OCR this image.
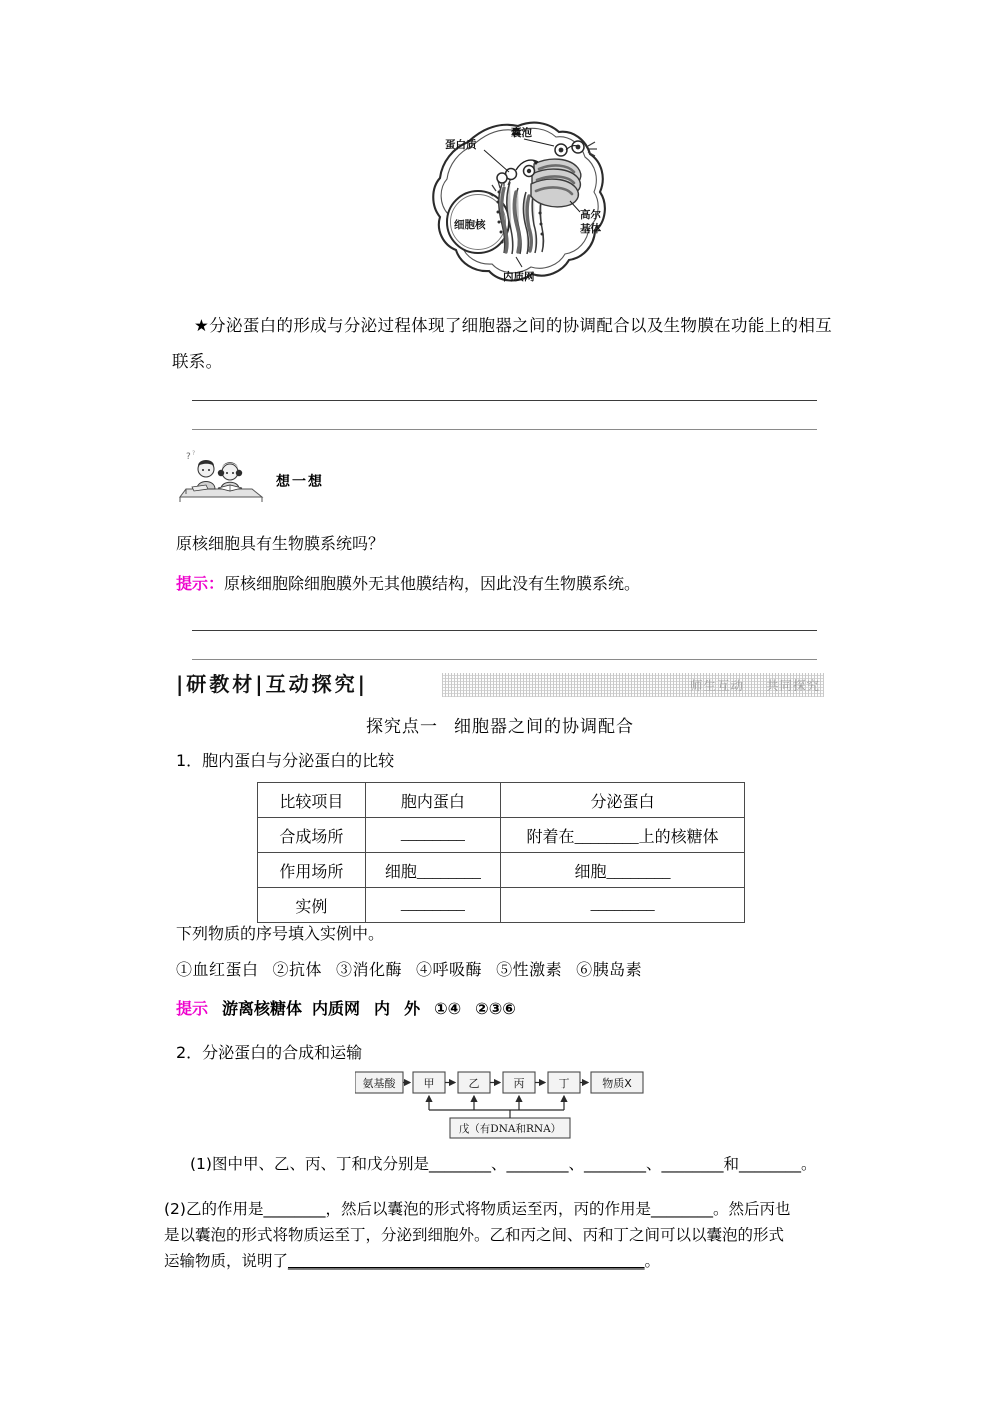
囊泡
蛋白质
高尔
基体
细胞核
内质网
★分泌蛋白的形成与分泌过程体现了细胞器之间的协调配合以及生物膜在功能上的相互联系。
? ?
想一想
原核细胞具有生物膜系统吗？
提示：原核细胞除细胞膜外无其他膜结构，因此没有生物膜系统。
|研教材|互动探究|	师生互动 共同探究
探究点一 细胞器之间的协调配合
1．胞内蛋白与分泌蛋白的比较
比较项目	胞内蛋白	分泌蛋白
合成场所	________	附着在________上的核糖体
作用场所	细胞________	细胞________
实例	________	________
下列物质的序号填入实例中。
①血红蛋白 ②抗体 ③消化酶 ④呼吸酶 ⑤性激素 ⑥胰岛素
提示 游离核糖体 内质网 内 外 ①④ ②③⑥
2．分泌蛋白的合成和运输
氨基酸	甲	乙	丙	丁	物质X
戊（有DNA和RNA）
(1)图中甲、乙、丙、丁和戊分别是________、________、________、________和________。
(2)乙的作用是________，然后以囊泡的形式将物质运至丙，丙的作用是________。然后丙也
是以囊泡的形式将物质运至丁，分泌到细胞外。乙和丙之间、丙和丁之间可以以囊泡的形式
运输物质，说明了______________________________________________。
